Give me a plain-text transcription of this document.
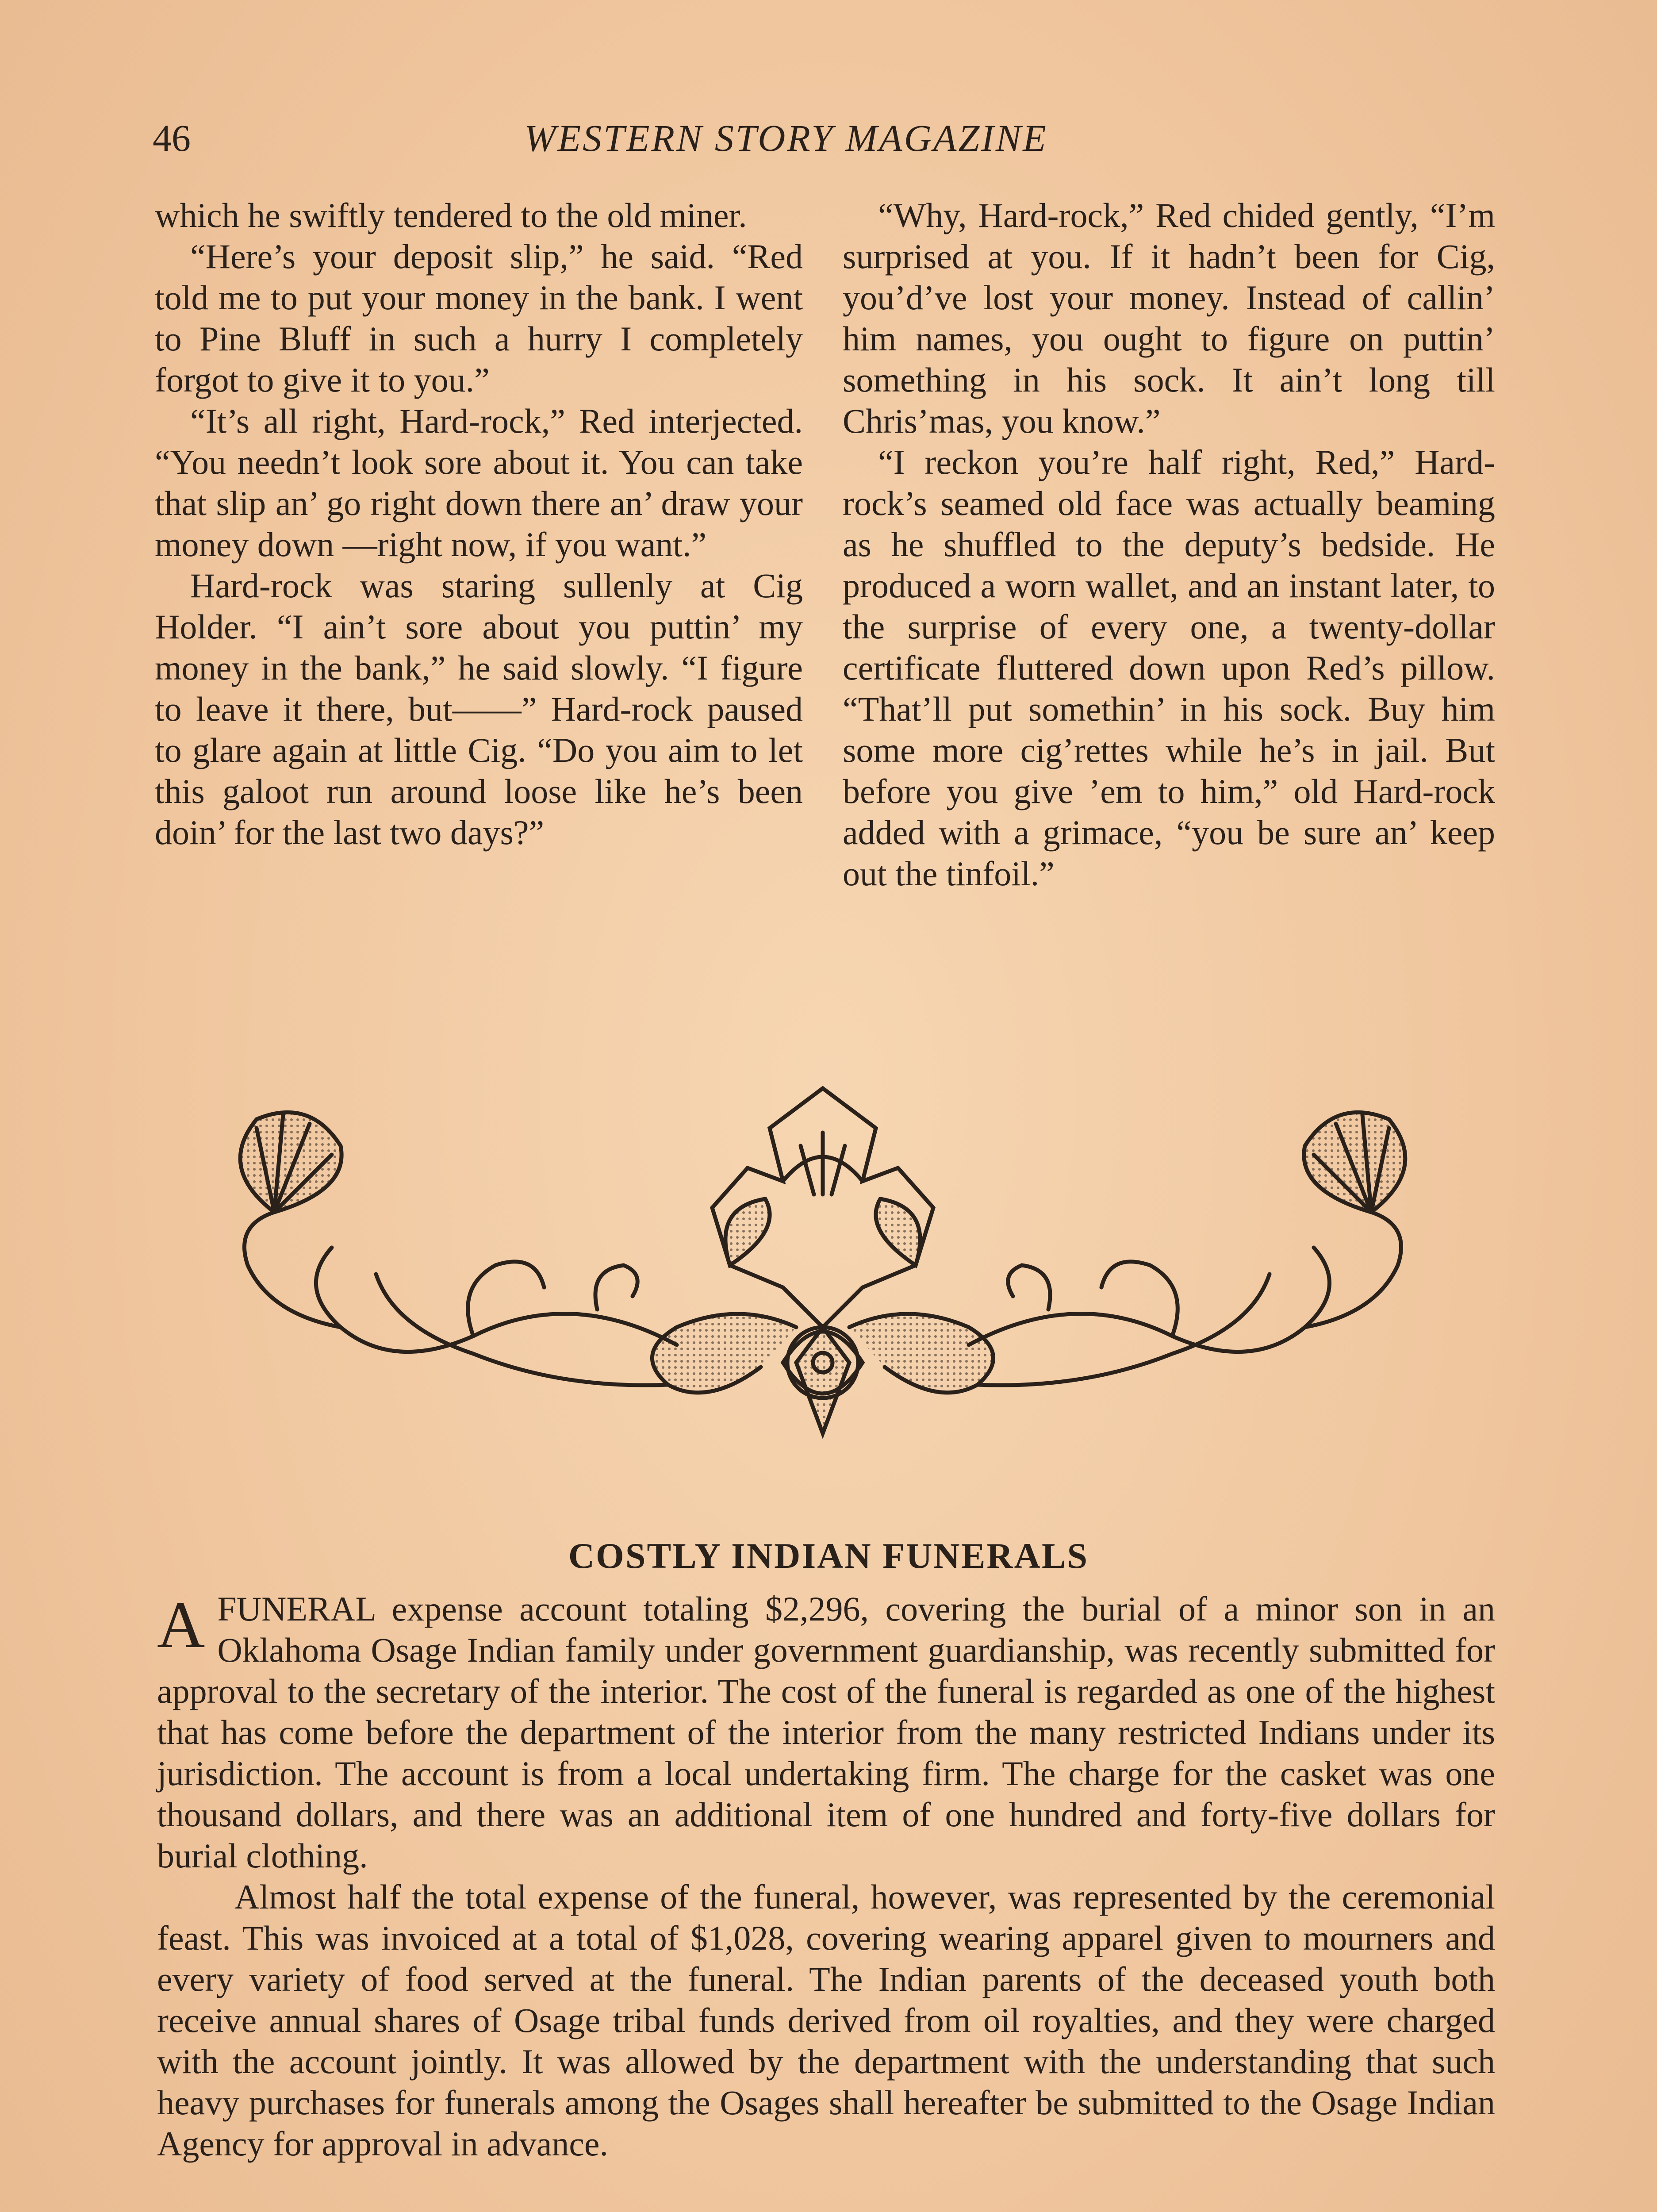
46	WESTERN STORY MAGAZINE

which he swiftly tendered to the old miner.

“Here’s your deposit slip,” he said. “Red told me to put your money in the bank. I went to Pine Bluff in such a hurry I completely forgot to give it to you.”

“It’s all right, Hard-rock,” Red interjected. “You needn’t look sore about it. You can take that slip an’ go right down there an’ draw your money down —right now, if you want.”

Hard-rock was staring sullenly at Cig Holder. “I ain’t sore about you puttin’ my money in the bank,” he said slowly. “I figure to leave it there, but——” Hard-rock paused to glare again at little Cig. “Do you aim to let this galoot run around loose like he’s been doin’ for the last two days?”

“Why, Hard-rock,” Red chided gently, “I’m surprised at you. If it hadn’t been for Cig, you’d’ve lost your money. Instead of callin’ him names, you ought to figure on puttin’ something in his sock. It ain’t long till Chris’mas, you know.”

“I reckon you’re half right, Red,” Hard-rock’s seamed old face was actually beaming as he shuffled to the deputy’s bedside. He produced a worn wallet, and an instant later, to the surprise of every one, a twenty-dollar certificate fluttered down upon Red’s pillow. “That’ll put somethin’ in his sock. Buy him some more cig’rettes while he’s in jail. But before you give ’em to him,” old Hard-rock added with a grimace, “you be sure an’ keep out the tinfoil.”

COSTLY INDIAN FUNERALS

AFUNERAL expense account totaling $2,296, covering the burial of a minor son in an Oklahoma Osage Indian family under government guardianship, was recently submitted for approval to the secretary of the interior. The cost of the funeral is regarded as one of the highest that has come before the department of the interior from the many restricted Indians under its jurisdiction. The account is from a local undertaking firm. The charge for the casket was one thousand dollars, and there was an additional item of one hundred and forty-five dollars for burial clothing.

Almost half the total expense of the funeral, however, was represented by the ceremonial feast. This was invoiced at a total of $1,028, covering wearing apparel given to mourners and every variety of food served at the funeral. The Indian parents of the deceased youth both receive annual shares of Osage tribal funds derived from oil royalties, and they were charged with the account jointly. It was allowed by the department with the understanding that such heavy purchases for funerals among the Osages shall hereafter be submitted to the Osage Indian Agency for approval in advance.
